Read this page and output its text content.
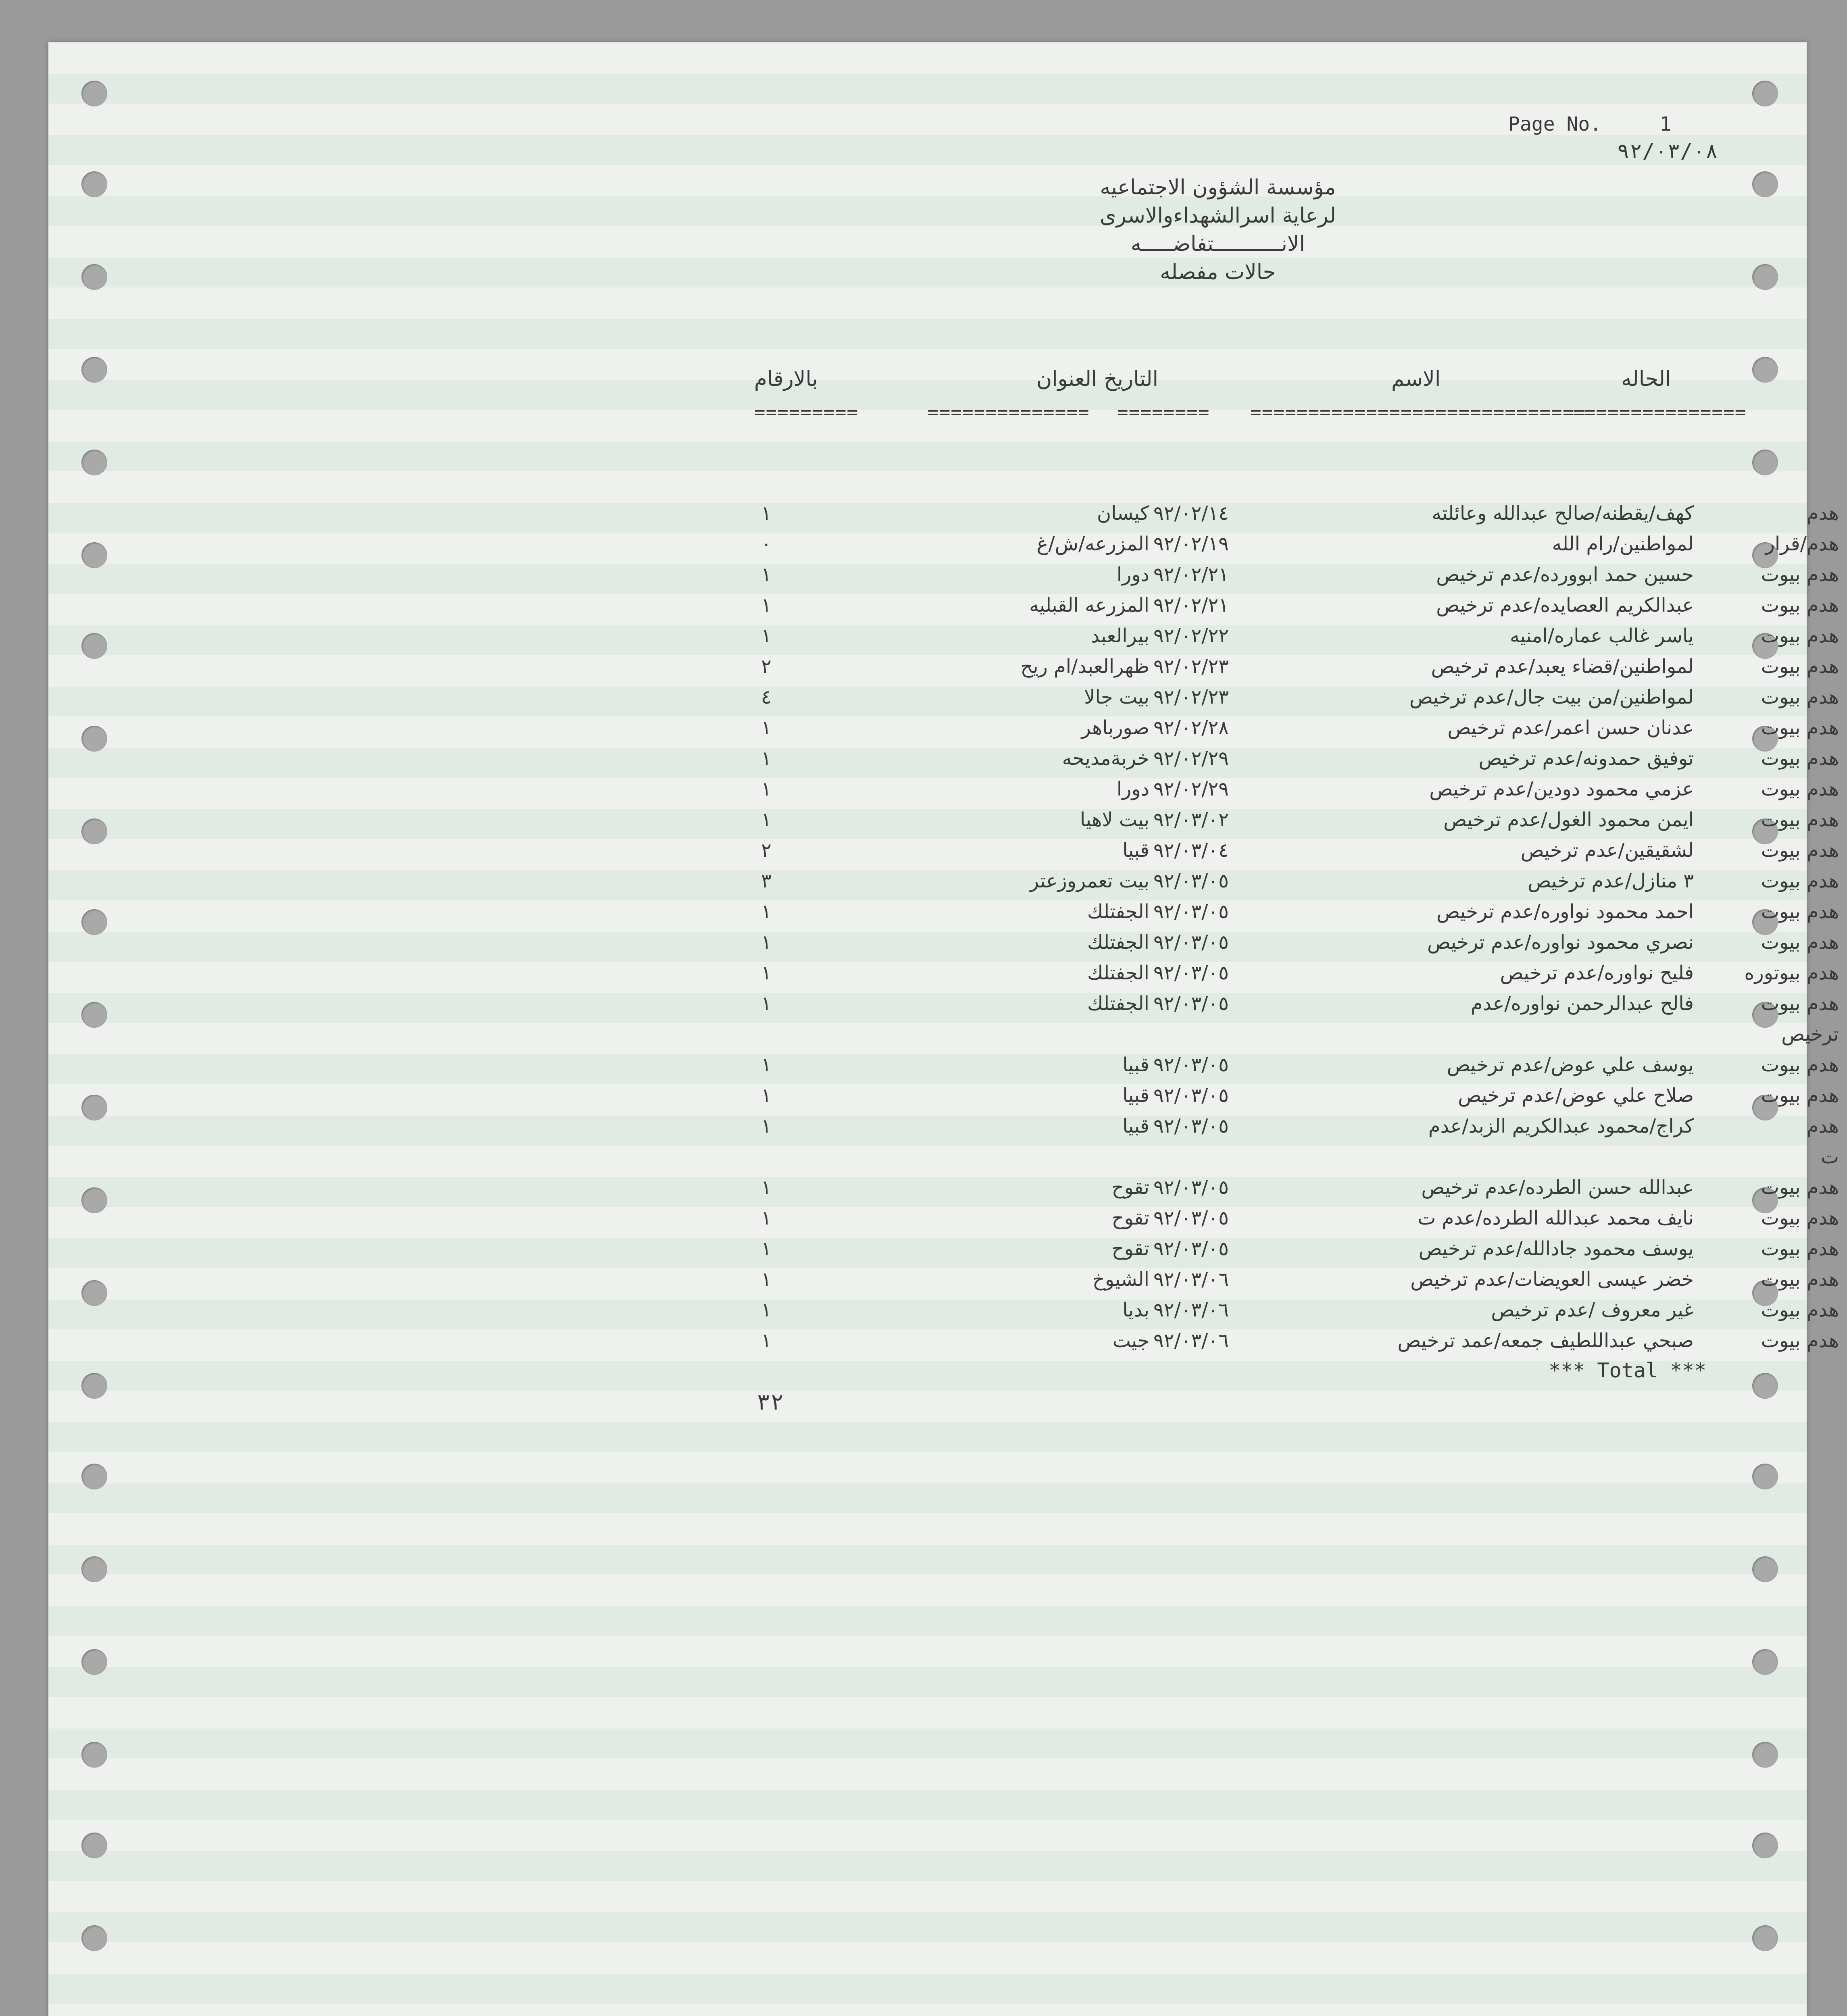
Page No.     1
٩٢/٠٣/٠٨
مؤسسة الشؤون الاجتماعيه
لرعاية اسرالشهداءوالاسرى
الانـــــــــــتفاضـــــه
حالات مفصله
بالارقام	التاريخ العنوان	الاسم	الحاله
=========	============== ======== =============================
===============
١	كيسان ٩٢/٠٢/١٤	كهف/يقطنه/صالح عبدالله وعائلته	هدم
٠	المزرعه/ش/غ ٩٢/٠٢/١٩	لمواطنين/رام الله	هدم/قرار
١	دورا ٩٢/٠٢/٢١	حسين حمد ابوورده/عدم ترخيص	هدم بيوت
١	المزرعه القبليه ٩٢/٠٢/٢١	عبدالكريم العصايده/عدم ترخيص	هدم بيوت
١	بيرالعبد ٩٢/٠٢/٢٢	ياسر غالب عماره/امنيه	هدم بيوت
٢	ظهرالعبد/ام ريح ٩٢/٠٢/٢٣	لمواطنين/قضاء يعبد/عدم ترخيص	هدم بيوت
٤	بيت جالا ٩٢/٠٢/٢٣	لمواطنين/من بيت جال/عدم ترخيص	هدم بيوت
١	صورباهر ٩٢/٠٢/٢٨	عدنان حسن اعمر/عدم ترخيص	هدم بيوت
١	خربةمديحه ٩٢/٠٢/٢٩	توفيق حمدونه/عدم ترخيص	هدم بيوت
١	دورا ٩٢/٠٢/٢٩	عزمي محمود دودين/عدم ترخيص	هدم بيوت
١	بيت لاهيا ٩٢/٠٣/٠٢	ايمن محمود الغول/عدم ترخيص	هدم بيوت
٢	قبيا ٩٢/٠٣/٠٤	لشقيقين/عدم ترخيص	هدم بيوت
٣	بيت تعمروزعتر ٩٢/٠٣/٠٥	٣ منازل/عدم ترخيص	هدم بيوت
١	الجفتلك ٩٢/٠٣/٠٥	احمد محمود نواوره/عدم ترخيص	هدم بيوت
١	الجفتلك ٩٢/٠٣/٠٥	نصري محمود نواوره/عدم ترخيص	هدم بيوت
١	الجفتلك ٩٢/٠٣/٠٥	فليح نواوره/عدم ترخيص	هدم بيوتوره
١	الجفتلك ٩٢/٠٣/٠٥	فالح عبدالرحمن نواوره/عدم	هدم بيوت
ترخيص
١	قبيا ٩٢/٠٣/٠٥	يوسف علي عوض/عدم ترخيص	هدم بيوت
١	قبيا ٩٢/٠٣/٠٥	صلاح علي عوض/عدم ترخيص	هدم بيوت
١	قبيا ٩٢/٠٣/٠٥	كراج/محمود عبدالكريم الزبد/عدم	هدم
ت
١	تقوح ٩٢/٠٣/٠٥	عبدالله حسن الطرده/عدم ترخيص	هدم بيوت
١	تقوح ٩٢/٠٣/٠٥	نايف محمد عبدالله الطرده/عدم ت	هدم بيوت
١	تقوح ٩٢/٠٣/٠٥	يوسف محمود جادالله/عدم ترخيص	هدم بيوت
١	الشيوخ ٩٢/٠٣/٠٦	خضر عيسى العويضات/عدم ترخيص	هدم بيوت
١	بديا ٩٢/٠٣/٠٦	غير معروف /عدم ترخيص	هدم بيوت
١	جيت ٩٢/٠٣/٠٦	صبحي عبداللطيف جمعه/عمد ترخيص	هدم بيوت
*** Total ***
٣٢
